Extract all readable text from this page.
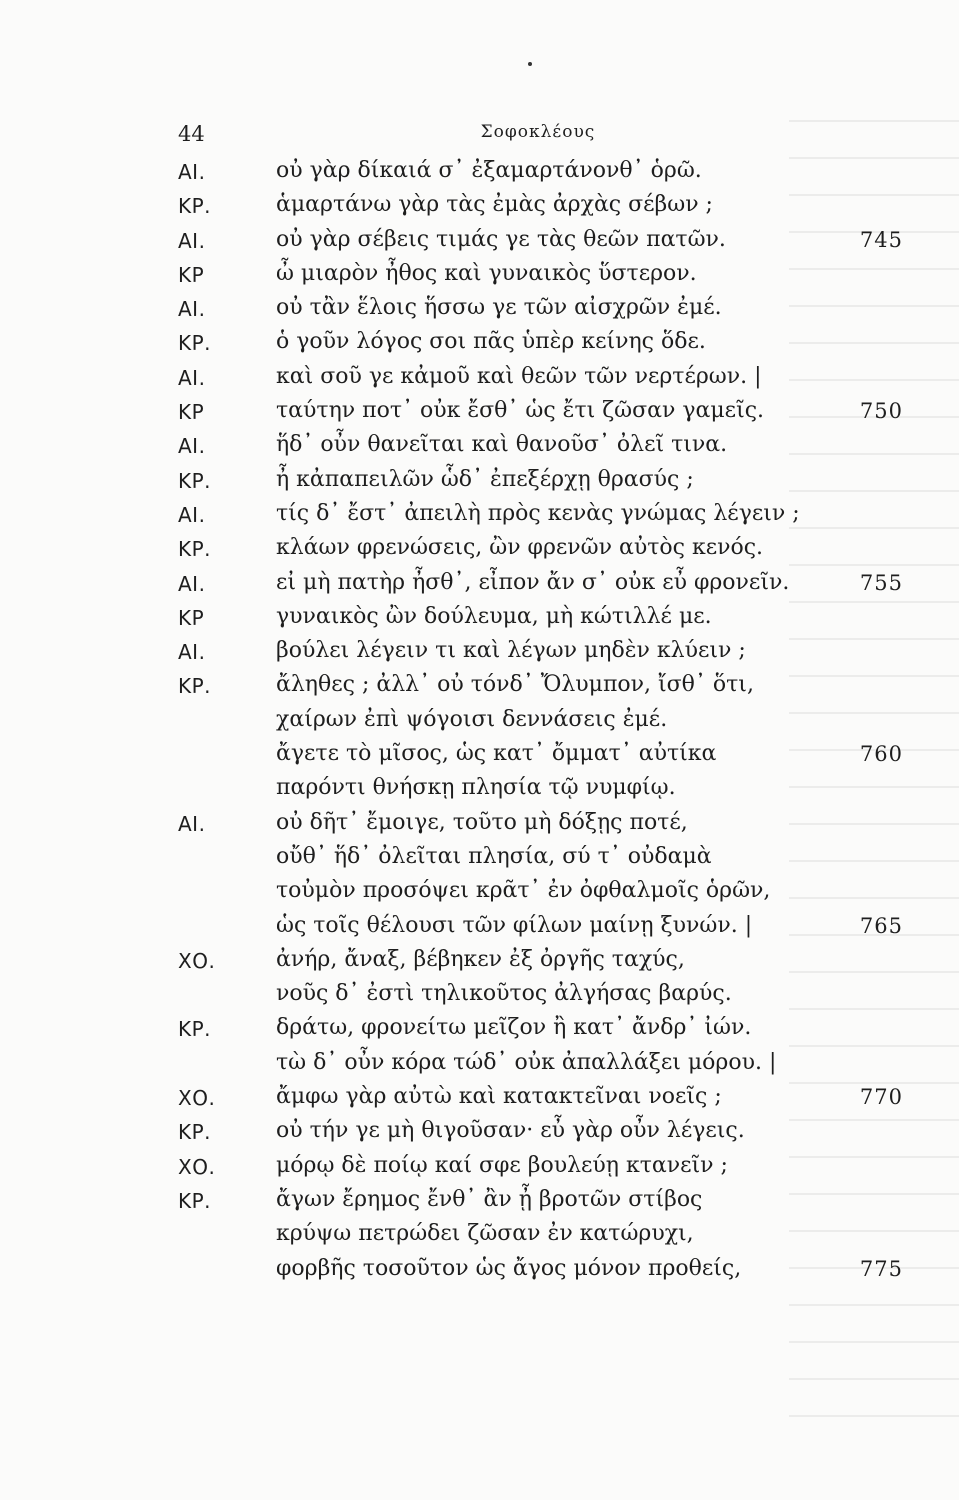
44	Σοφοκλέους
ΑΙ.	οὐ γὰρ δίκαιά σ᾽ ἐξαμαρτάνονθ᾽ ὁρῶ.
ΚΡ.	ἁμαρτάνω γὰρ τὰς ἐμὰς ἀρχὰς σέβων ;
ΑΙ.	οὐ γὰρ σέβεις τιμάς γε τὰς θεῶν πατῶν.	745
ΚΡ	ὦ μιαρὸν ἦθος καὶ γυναικὸς ὕστερον.
ΑΙ.	οὐ τἂν ἕλοις ἥσσω γε τῶν αἰσχρῶν ἐμέ.
ΚΡ.	ὁ γοῦν λόγος σοι πᾶς ὑπὲρ κείνης ὅδε.
ΑΙ.	καὶ σοῦ γε κἀμοῦ καὶ θεῶν τῶν νερτέρων. |
ΚΡ	ταύτην ποτ᾽ οὐκ ἔσθ᾽ ὡς ἔτι ζῶσαν γαμεῖς.	750
ΑΙ.	ἥδ᾽ οὖν θανεῖται καὶ θανοῦσ᾽ ὀλεῖ τινα.
ΚΡ.	ἦ κἀπαπειλῶν ὧδ᾽ ἐπεξέρχῃ θρασύς ;
ΑΙ.	τίς δ᾽ ἔστ᾽ ἀπειλὴ πρὸς κενὰς γνώμας λέγειν ;
ΚΡ.	κλάων φρενώσεις, ὢν φρενῶν αὐτὸς κενός.
ΑΙ.	εἰ μὴ πατὴρ ἦσθ᾽, εἶπον ἄν σ᾽ οὐκ εὖ φρονεῖν.	755
ΚΡ	γυναικὸς ὢν δούλευμα, μὴ κώτιλλέ με.
ΑΙ.	βούλει λέγειν τι καὶ λέγων μηδὲν κλύειν ;
ΚΡ.	ἄληθες ; ἀλλ᾽ οὐ τόνδ᾽ Ὄλυμπον, ἴσθ᾽ ὅτι,
χαίρων ἐπὶ ψόγοισι δεννάσεις ἐμέ.
ἄγετε τὸ μῖσος, ὡς κατ᾽ ὄμματ᾽ αὐτίκα	760
παρόντι θνήσκῃ πλησία τῷ νυμφίῳ.
ΑΙ.	οὐ δῆτ᾽ ἔμοιγε, τοῦτο μὴ δόξῃς ποτέ,
οὔθ᾽ ἥδ᾽ ὀλεῖται πλησία, σύ τ᾽ οὐδαμὰ
τοὐμὸν προσόψει κρᾶτ᾽ ἐν ὀφθαλμοῖς ὁρῶν,
ὡς τοῖς θέλουσι τῶν φίλων μαίνῃ ξυνών. |	765
ΧΟ.	ἀνήρ, ἄναξ, βέβηκεν ἐξ ὀργῆς ταχύς,
νοῦς δ᾽ ἐστὶ τηλικοῦτος ἀλγήσας βαρύς.
ΚΡ.	δράτω, φρονείτω μεῖζον ἢ κατ᾽ ἄνδρ᾽ ἰών.
τὼ δ᾽ οὖν κόρα τώδ᾽ οὐκ ἀπαλλάξει μόρου. |
ΧΟ.	ἄμφω γὰρ αὐτὼ καὶ κατακτεῖναι νοεῖς ;	770
ΚΡ.	οὐ τήν γε μὴ θιγοῦσαν· εὖ γὰρ οὖν λέγεις.
ΧΟ.	μόρῳ δὲ ποίῳ καί σφε βουλεύῃ κτανεῖν ;
ΚΡ.	ἄγων ἔρημος ἔνθ᾽ ἂν ᾖ βροτῶν στίβος
κρύψω πετρώδει ζῶσαν ἐν κατώρυχι,
φορβῆς τοσοῦτον ὡς ἄγος μόνον προθείς,	775
